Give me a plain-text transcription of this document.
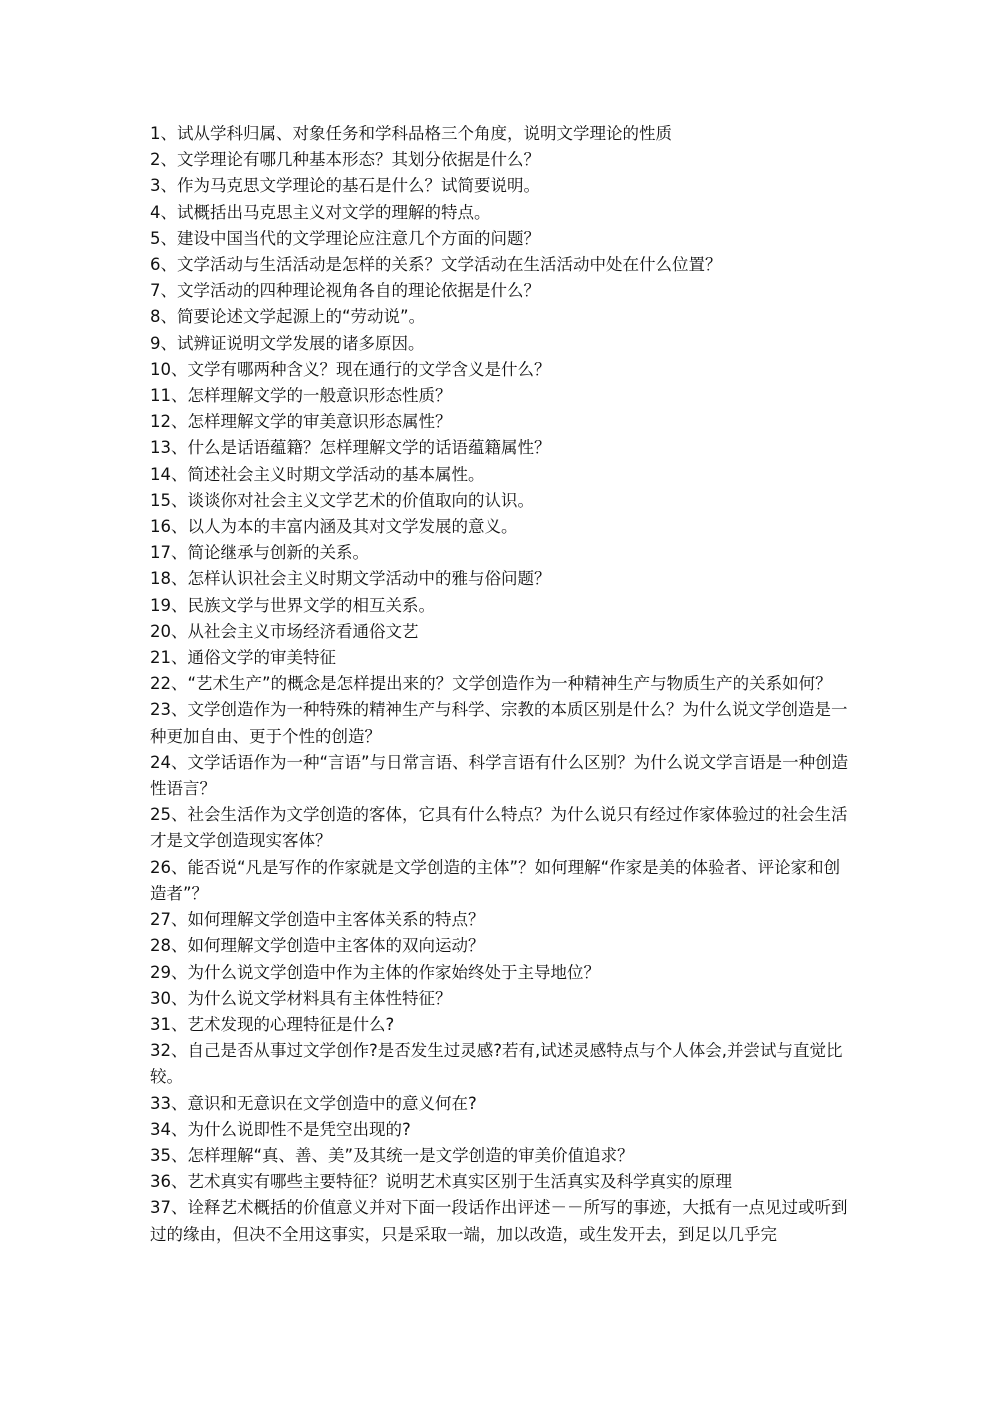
1、试从学科归属、对象任务和学科品格三个角度，说明文学理论的性质
2、文学理论有哪几种基本形态？其划分依据是什么？
3、作为马克思文学理论的基石是什么？试简要说明。
4、试概括出马克思主义对文学的理解的特点。
5、建设中国当代的文学理论应注意几个方面的问题？
6、文学活动与生活活动是怎样的关系？文学活动在生活活动中处在什么位置？
7、文学活动的四种理论视角各自的理论依据是什么？
8、简要论述文学起源上的“劳动说”。
9、试辨证说明文学发展的诸多原因。
10、文学有哪两种含义？现在通行的文学含义是什么？
11、怎样理解文学的一般意识形态性质？
12、怎样理解文学的审美意识形态属性？
13、什么是话语蕴籍？怎样理解文学的话语蕴籍属性？
14、简述社会主义时期文学活动的基本属性。
15、谈谈你对社会主义文学艺术的价值取向的认识。
16、以人为本的丰富内涵及其对文学发展的意义。
17、简论继承与创新的关系。
18、怎样认识社会主义时期文学活动中的雅与俗问题？
19、民族文学与世界文学的相互关系。
20、从社会主义市场经济看通俗文艺
21、通俗文学的审美特征
22、“艺术生产”的概念是怎样提出来的？文学创造作为一种精神生产与物质生产的关系如何？
23、文学创造作为一种特殊的精神生产与科学、宗教的本质区别是什么？为什么说文学创造是一种更加自由、更于个性的创造？
24、文学话语作为一种“言语”与日常言语、科学言语有什么区别？为什么说文学言语是一种创造性语言？
25、社会生活作为文学创造的客体，它具有什么特点？为什么说只有经过作家体验过的社会生活才是文学创造现实客体？
26、能否说“凡是写作的作家就是文学创造的主体”？如何理解“作家是美的体验者、评论家和创造者”？
27、如何理解文学创造中主客体关系的特点？
28、如何理解文学创造中主客体的双向运动？
29、为什么说文学创造中作为主体的作家始终处于主导地位？
30、为什么说文学材料具有主体性特征？
31、艺术发现的心理特征是什么?
32、自己是否从事过文学创作?是否发生过灵感?若有,试述灵感特点与个人体会,并尝试与直觉比较。
33、意识和无意识在文学创造中的意义何在?
34、为什么说即性不是凭空出现的?
35、怎样理解“真、善、美”及其统一是文学创造的审美价值追求？
36、艺术真实有哪些主要特征？说明艺术真实区别于生活真实及科学真实的原理
37、诠释艺术概括的价值意义并对下面一段话作出评述－－所写的事迹，大抵有一点见过或听到过的缘由，但决不全用这事实，只是采取一端，加以改造，或生发开去，到足以几乎完
